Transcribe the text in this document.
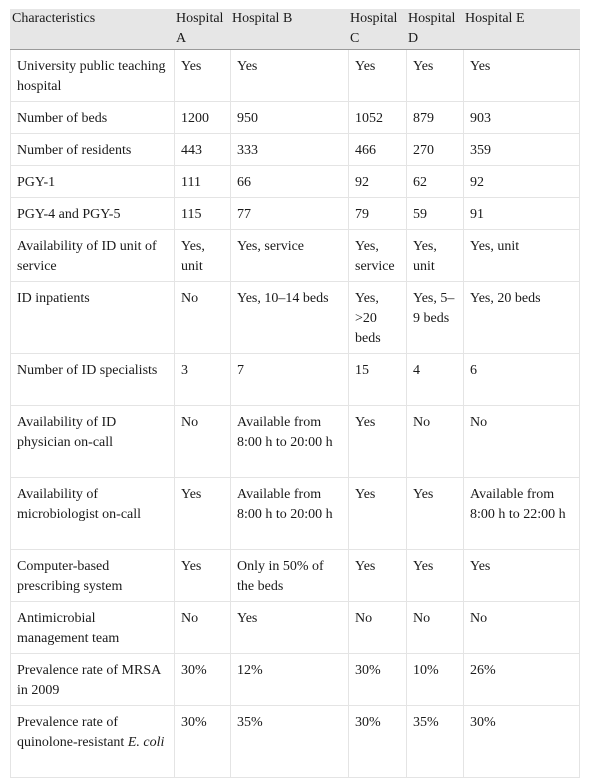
Characteristics	Hospital A	Hospital B	Hospital C	Hospital D	Hospital E
University public teaching hospital	Yes	Yes	Yes	Yes	Yes
Number of beds	1200	950	1052	879	903
Number of residents	443	333	466	270	359
PGY-1	111	66	92	62	92
PGY-4 and PGY-5	115	77	79	59	91
Availability of ID unit of service	Yes, unit	Yes, service	Yes, service	Yes, unit	Yes, unit
ID inpatients	No	Yes, 10–14 beds	Yes, >20 beds	Yes, 5–9 beds	Yes, 20 beds
Number of ID specialists	3	7	15	4	6
Availability of ID physician on-call	No	Available from 8:00 h to 20:00 h	Yes	No	No
Availability of microbiologist on-call	Yes	Available from 8:00 h to 20:00 h	Yes	Yes	Available from 8:00 h to 22:00 h
Computer-based prescribing system	Yes	Only in 50% of the beds	Yes	Yes	Yes
Antimicrobial management team	No	Yes	No	No	No
Prevalence rate of MRSA in 2009	30%	12%	30%	10%	26%
Prevalence rate of quinolone-resistant E. coli	30%	35%	30%	35%	30%
